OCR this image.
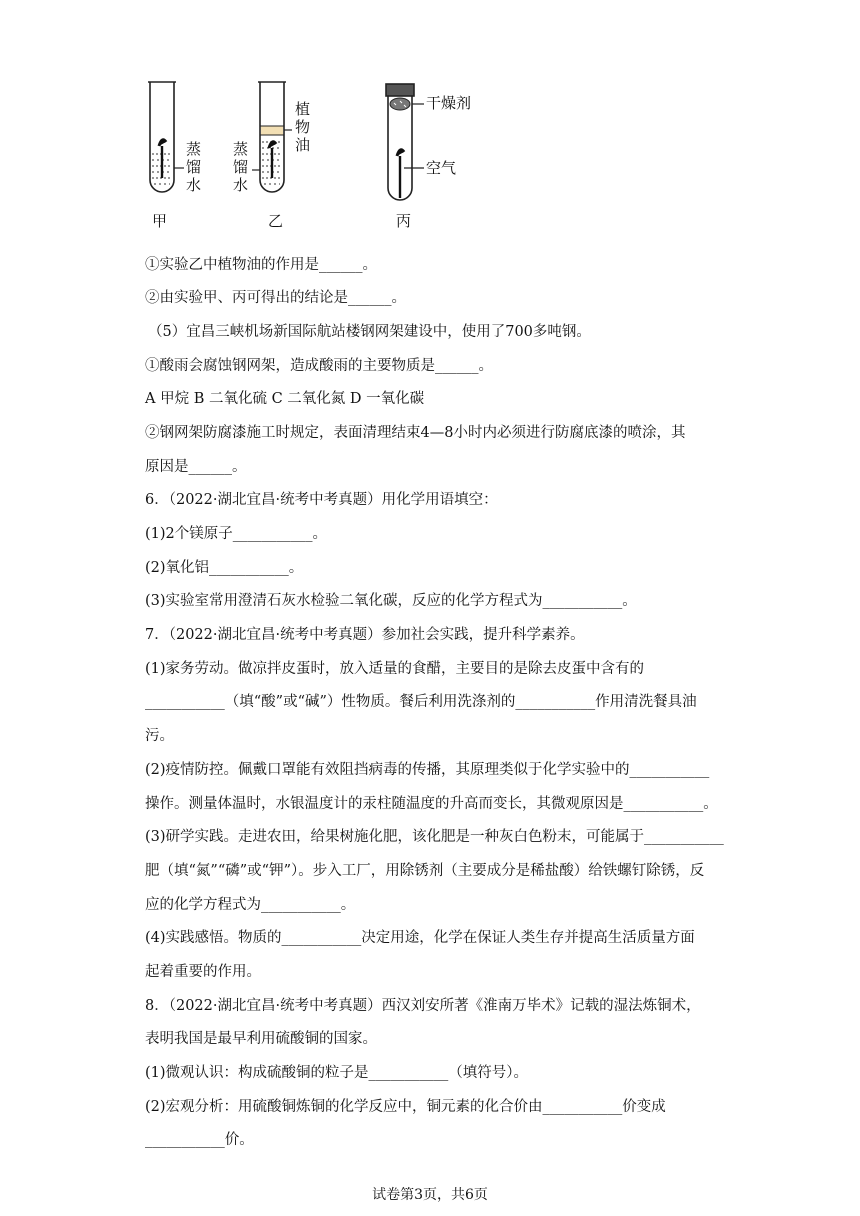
蒸馏水
甲
植物油
蒸馏水
乙
干燥剂
空气
丙
①实验乙中植物油的作用是______。
②由实验甲、丙可得出的结论是______。
（5）宜昌三峡机场新国际航站楼钢网架建设中，使用了700多吨钢。
①酸雨会腐蚀钢网架，造成酸雨的主要物质是______。
A 甲烷 B 二氧化硫 C 二氧化氮 D 一氧化碳
②钢网架防腐漆施工时规定，表面清理结束4—8小时内必须进行防腐底漆的喷涂，其
原因是______。
6．（2022·湖北宜昌·统考中考真题）用化学用语填空：
(1)2个镁原子___________。
(2)氧化铝___________。
(3)实验室常用澄清石灰水检验二氧化碳，反应的化学方程式为___________。
7．（2022·湖北宜昌·统考中考真题）参加社会实践，提升科学素养。
(1)家务劳动。做凉拌皮蛋时，放入适量的食醋，主要目的是除去皮蛋中含有的
___________（填“酸”或“碱”）性物质。餐后利用洗涤剂的___________作用清洗餐具油
污。
(2)疫情防控。佩戴口罩能有效阻挡病毒的传播，其原理类似于化学实验中的___________
操作。测量体温时，水银温度计的汞柱随温度的升高而变长，其微观原因是___________。
(3)研学实践。走进农田，给果树施化肥，该化肥是一种灰白色粉末，可能属于___________
肥（填“氮”“磷”或“钾”）。步入工厂，用除锈剂（主要成分是稀盐酸）给铁螺钉除锈，反
应的化学方程式为___________。
(4)实践感悟。物质的___________决定用途，化学在保证人类生存并提高生活质量方面
起着重要的作用。
8．（2022·湖北宜昌·统考中考真题）西汉刘安所著《淮南万毕术》记载的湿法炼铜术，
表明我国是最早利用硫酸铜的国家。
(1)微观认识：构成硫酸铜的粒子是___________（填符号）。
(2)宏观分析：用硫酸铜炼铜的化学反应中，铜元素的化合价由___________价变成
___________价。
试卷第3页，共6页
